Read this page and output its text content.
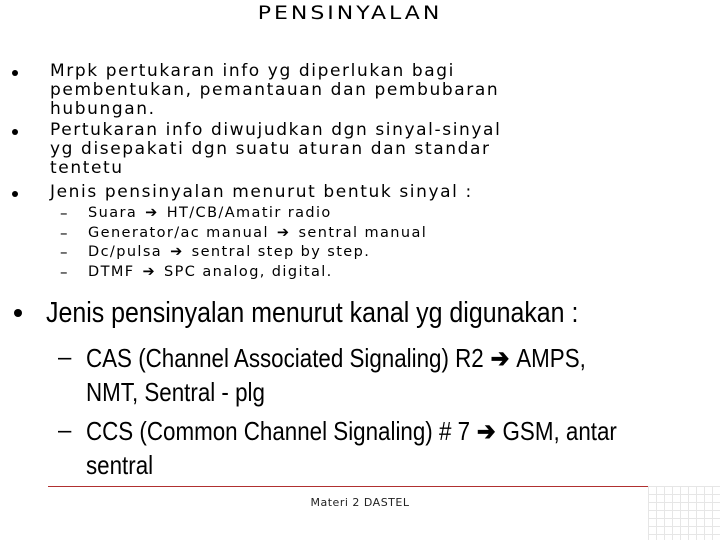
PENSINYALAN
Mrpk pertukaran info yg diperlukan bagi
pembentukan, pemantauan dan pembubaran
hubungan.
Pertukaran info diwujudkan dgn sinyal-sinyal
yg disepakati dgn suatu aturan dan standar
tentetu
Jenis pensinyalan menurut bentuk sinyal :
– Suara ➔ HT/CB/Amatir radio
– Generator/ac manual ➔ sentral manual
– Dc/pulsa ➔ sentral step by step.
– DTMF ➔ SPC analog, digital.
Jenis pensinyalan menurut kanal yg digunakan :
– CAS (Channel Associated Signaling) R2 ➔ AMPS,
NMT, Sentral - plg
– CCS (Common Channel Signaling) # 7 ➔ GSM, antar
sentral
Materi 2 DASTEL
